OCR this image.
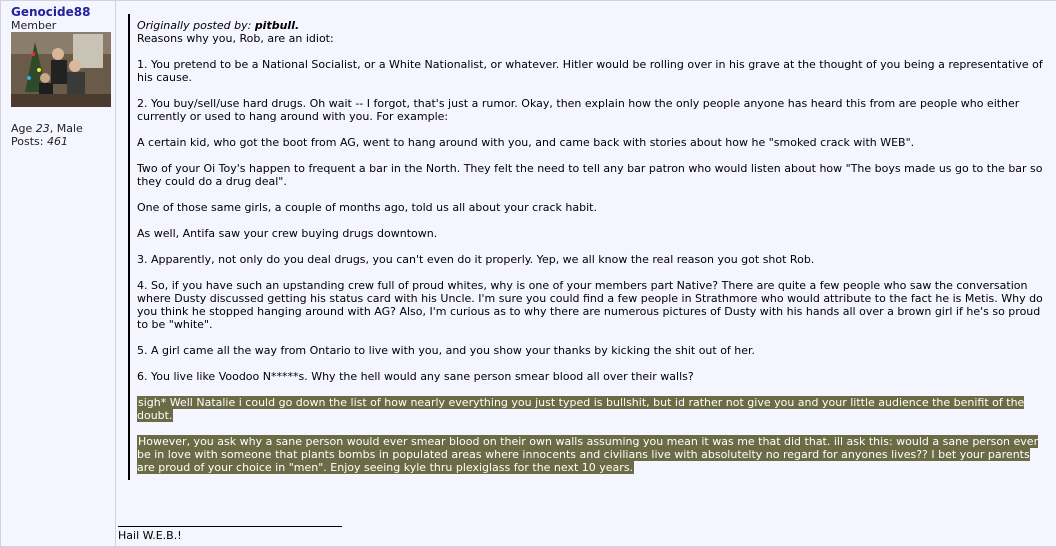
Genocide88
Member
Age 23, Male
Posts: 461
Originally posted by: pitbull.

Reasons why you, Rob, are an idiot:

1. You pretend to be a National Socialist, or a White Nationalist, or whatever. Hitler would be rolling over in his grave at the thought of you being a representative of his cause.

2. You buy/sell/use hard drugs. Oh wait -- I forgot, that's just a rumor. Okay, then explain how the only people anyone has heard this from are people who either currently or used to hang around with you. For example:

A certain kid, who got the boot from AG, went to hang around with you, and came back with stories about how he "smoked crack with WEB".

Two of your Oi Toy's happen to frequent a bar in the North. They felt the need to tell any bar patron who would listen about how "The boys made us go to the bar so they could do a drug deal".

One of those same girls, a couple of months ago, told us all about your crack habit.

As well, Antifa saw your crew buying drugs downtown.

3. Apparently, not only do you deal drugs, you can't even do it properly. Yep, we all know the real reason you got shot Rob.

4. So, if you have such an upstanding crew full of proud whites, why is one of your members part Native? There are quite a few people who saw the conversation where Dusty discussed getting his status card with his Uncle. I'm sure you could find a few people in Strathmore who would attribute to the fact he is Metis. Why do you think he stopped hanging around with AG? Also, I'm curious as to why there are numerous pictures of Dusty with his hands all over a brown girl if he's so proud to be "white".

5. A girl came all the way from Ontario to live with you, and you show your thanks by kicking the shit out of her.

6. You live like Voodoo N*****s. Why the hell would any sane person smear blood all over their walls?

sigh* Well Natalie i could go down the list of how nearly everything you just typed is bullshit, but id rather not give you and your little audience the benifit of the doubt.

However, you ask why a sane person would ever smear blood on their own walls assuming you mean it was me that did that. ill ask this: would a sane person ever be in love with someone that plants bombs in populated areas where innocents and civilians live with absolutelty no regard for anyones lives?? I bet your parents are proud of your choice in "men". Enjoy seeing kyle thru plexiglass for the next 10 years.

Hail W.E.B.!
